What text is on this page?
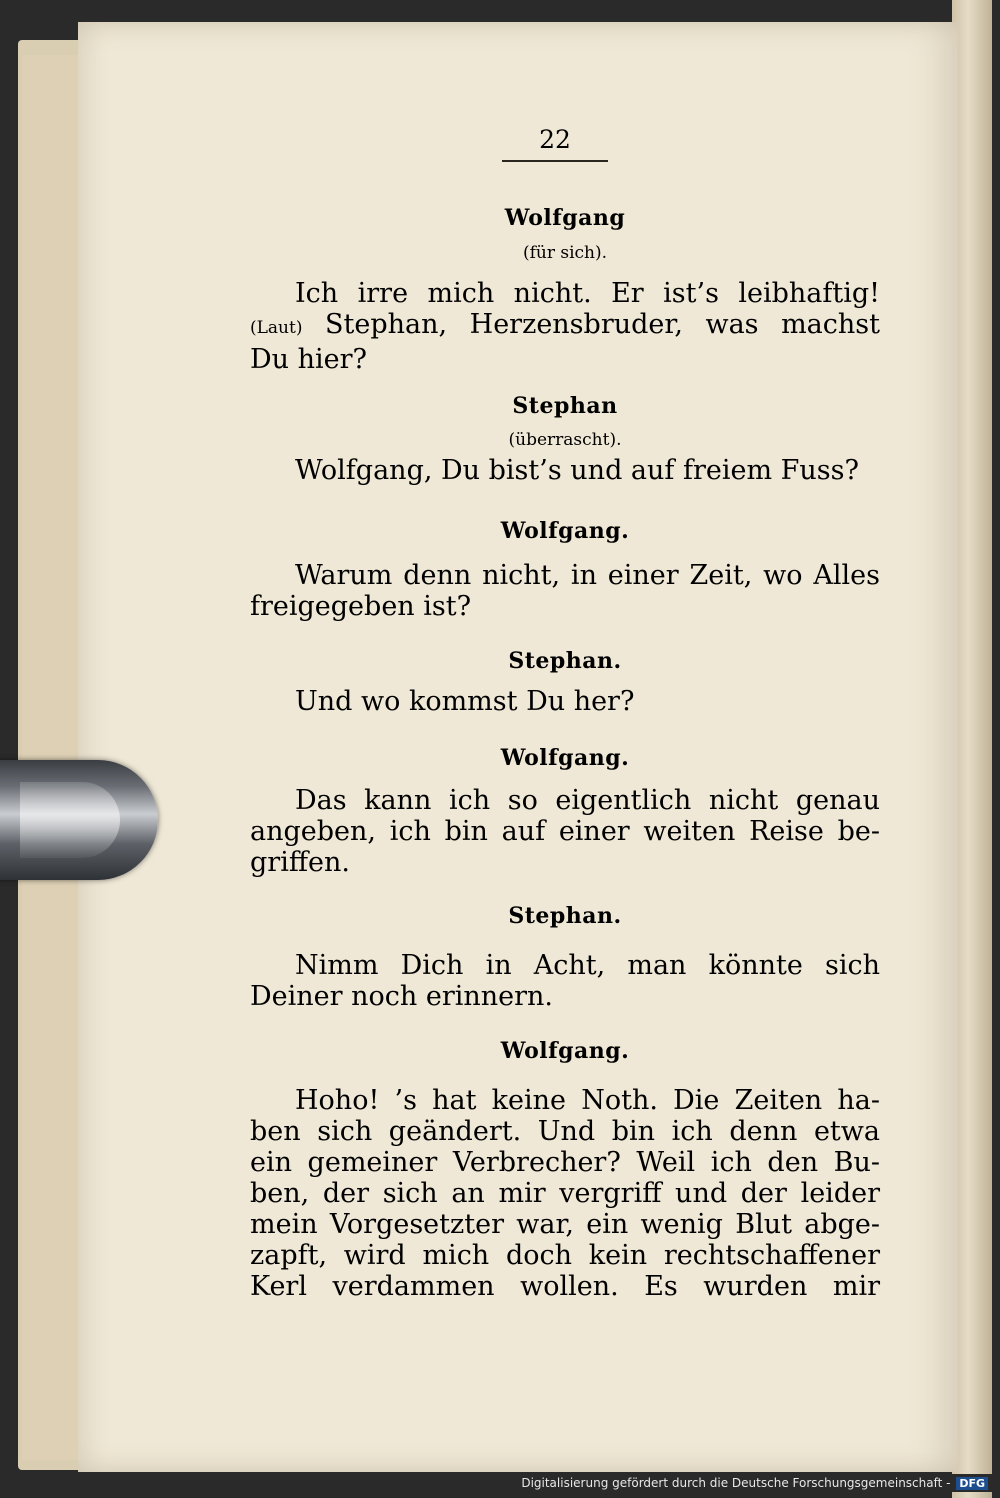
22
Wolfgang
(für sich).
Ich irre mich nicht. Er ist’s leibhaftig!
(Laut) Stephan, Herzensbruder, was machst
Du hier?
Stephan
(überrascht).
Wolfgang, Du bist’s und auf freiem Fuss?
Wolfgang.
Warum denn nicht, in einer Zeit, wo Alles
freigegeben ist?
Stephan.
Und wo kommst Du her?
Wolfgang.
Das kann ich so eigentlich nicht genau
angeben, ich bin auf einer weiten Reise be-
griffen.
Stephan.
Nimm Dich in Acht, man könnte sich
Deiner noch erinnern.
Wolfgang.
Hoho! ’s hat keine Noth. Die Zeiten ha-
ben sich geändert. Und bin ich denn etwa
ein gemeiner Verbrecher? Weil ich den Bu-
ben, der sich an mir vergriff und der leider
mein Vorgesetzter war, ein wenig Blut abge-
zapft, wird mich doch kein rechtschaffener
Kerl verdammen wollen. Es wurden mir
Digitalisierung gefördert durch die Deutsche Forschungsgemeinschaft - DFG
